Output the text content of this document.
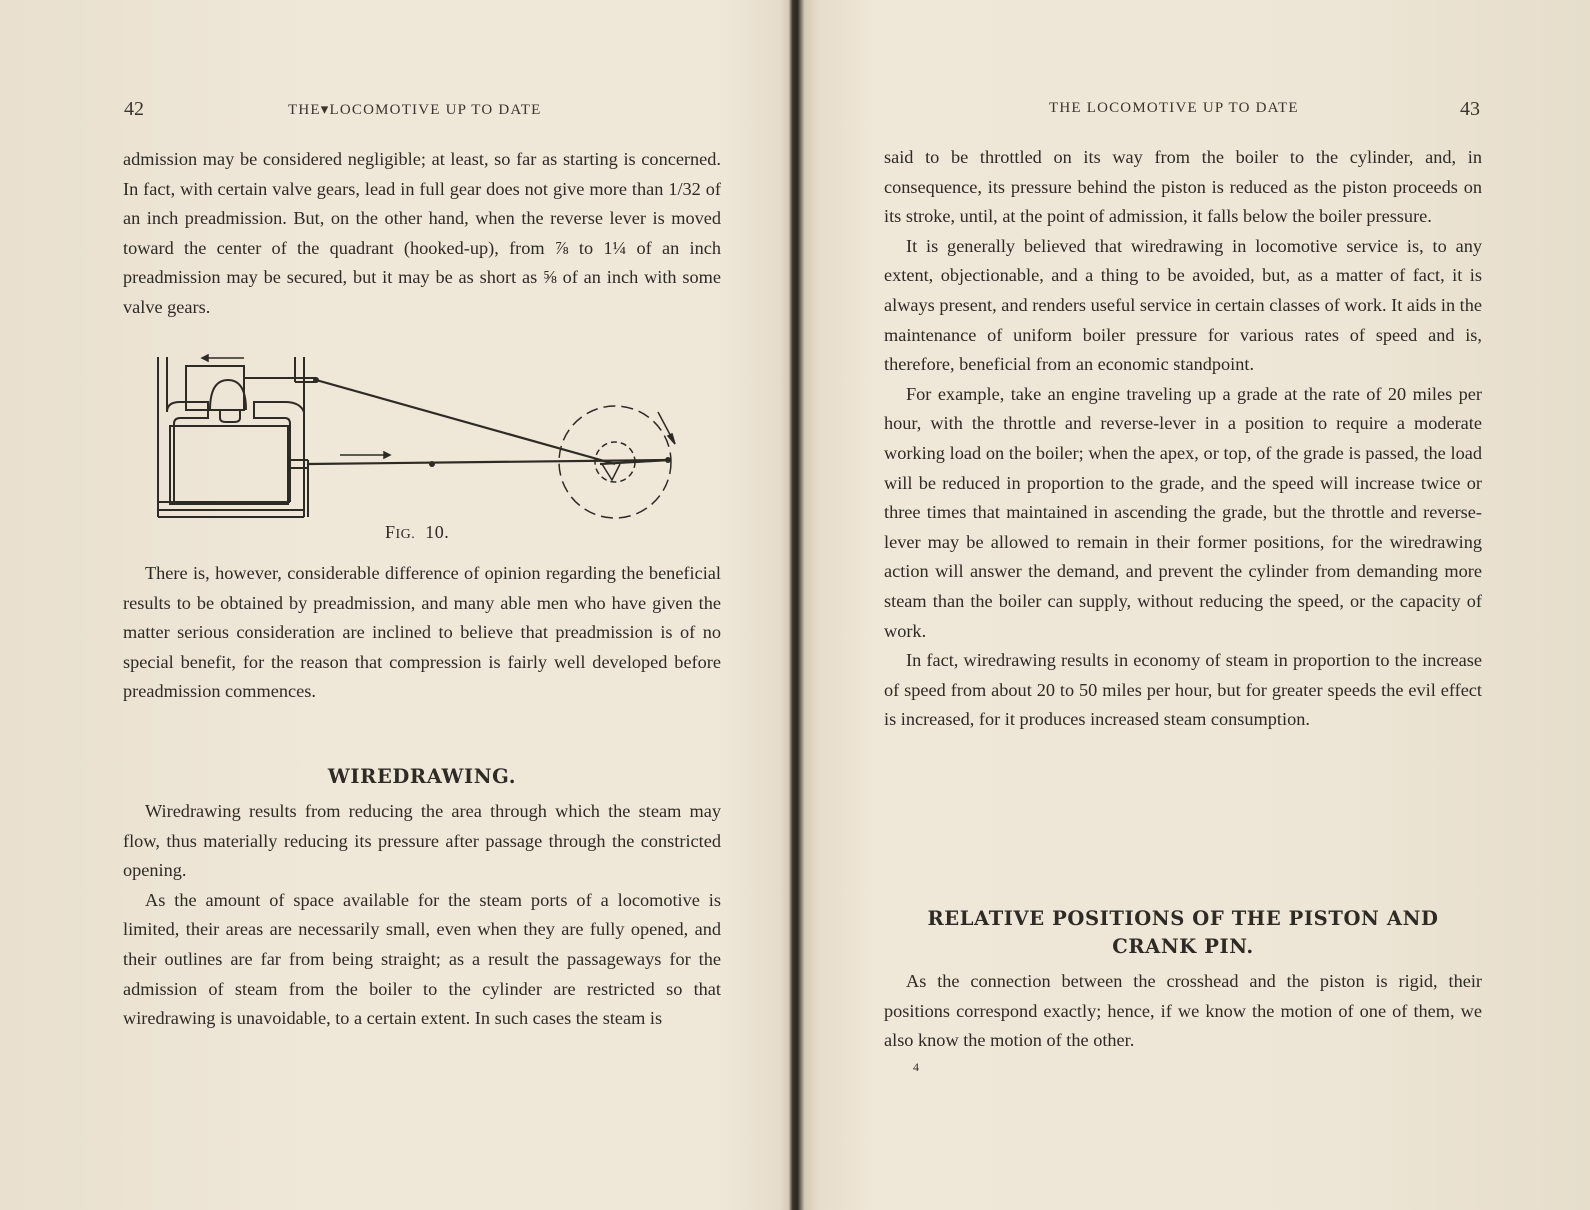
42	THE▾LOCOMOTIVE UP TO DATE

admission may be considered negligible; at least, so far as starting is concerned. In fact, with certain valve gears, lead in full gear does not give more than 1/32 of an inch preadmission. But, on the other hand, when the reverse lever is moved toward the center of the quadrant (hooked-up), from ⅞ to 1¼ of an inch preadmission may be secured, but it may be as short as ⅝ of an inch with some valve gears.

FIG. 10.

There is, however, considerable difference of opinion regarding the beneficial results to be obtained by preadmission, and many able men who have given the matter serious consideration are inclined to believe that preadmission is of no special benefit, for the reason that compression is fairly well developed before preadmission commences.

WIREDRAWING.

Wiredrawing results from reducing the area through which the steam may flow, thus materially reducing its pressure after passage through the constricted opening.

As the amount of space available for the steam ports of a locomotive is limited, their areas are necessarily small, even when they are fully opened, and their outlines are far from being straight; as a result the passageways for the admission of steam from the boiler to the cylinder are restricted so that wiredrawing is unavoidable, to a certain extent. In such cases the steam is

THE LOCOMOTIVE UP TO DATE	43

said to be throttled on its way from the boiler to the cylinder, and, in consequence, its pressure behind the piston is reduced as the piston proceeds on its stroke, until, at the point of admission, it falls below the boiler pressure.

It is generally believed that wiredrawing in locomotive service is, to any extent, objectionable, and a thing to be avoided, but, as a matter of fact, it is always present, and renders useful service in certain classes of work. It aids in the maintenance of uniform boiler pressure for various rates of speed and is, therefore, beneficial from an economic standpoint.

For example, take an engine traveling up a grade at the rate of 20 miles per hour, with the throttle and reverse-lever in a position to require a moderate working load on the boiler; when the apex, or top, of the grade is passed, the load will be reduced in proportion to the grade, and the speed will increase twice or three times that maintained in ascending the grade, but the throttle and reverse-lever may be allowed to remain in their former positions, for the wiredrawing action will answer the demand, and prevent the cylinder from demanding more steam than the boiler can supply, without reducing the speed, or the capacity of work.

In fact, wiredrawing results in economy of steam in proportion to the increase of speed from about 20 to 50 miles per hour, but for greater speeds the evil effect is increased, for it produces increased steam consumption.

RELATIVE POSITIONS OF THE PISTON AND
CRANK PIN.

As the connection between the crosshead and the piston is rigid, their positions correspond exactly; hence, if we know the motion of one of them, we also know the motion of the other.

4
